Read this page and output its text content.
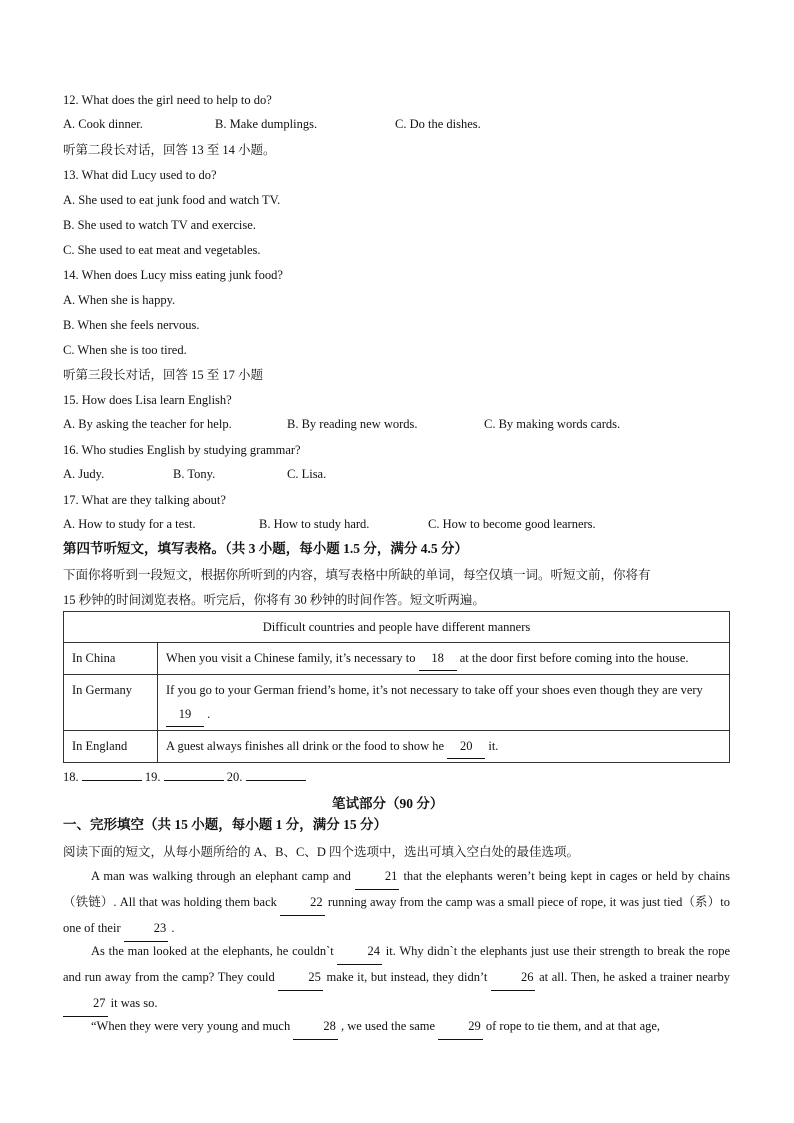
12. What does the girl need to help to do?
A. Cook dinner.	B. Make dumplings.	C. Do the dishes.
听第二段长对话，回答 13 至 14 小题。
13. What did Lucy used to do?
A. She used to eat junk food and watch TV.
B. She used to watch TV and exercise.
C. She used to eat meat and vegetables.
14. When does Lucy miss eating junk food?
A. When she is happy.
B. When she feels nervous.
C. When she is too tired.
听第三段长对话，回答 15 至 17 小题
15. How does Lisa learn English?
A. By asking the teacher for help.	B. By reading new words.	C. By making words cards.
16. Who studies English by studying grammar?
A. Judy.	B. Tony.	C. Lisa.
17. What are they talking about?
A. How to study for a test.	B. How to study hard.	C. How to become good learners.
第四节听短文，填写表格。（共 3 小题，每小题 1.5 分，满分 4.5 分）
下面你将听到一段短文，根据你所听到的内容，填写表格中所缺的单词，每空仅填一词。听短文前，你将有
15 秒钟的时间浏览表格。听完后，你将有 30 秒钟的时间作答。短文听两遍。
Difficult countries and people have different manners	
In China	When you visit a Chinese family, it’s necessary to 18 at the door first before coming into the house.
In Germany	If you go to your German friend’s home, it’s not necessary to take off your shoes even though they are very 19 .
In England	A guest always finishes all drink or the food to show he 20 it.
18.	19.	20.
笔试部分（90 分）
一、完形填空（共 15 小题，每小题 1 分，满分 15 分）
阅读下面的短文，从每小题所给的 A、B、C、D 四个选项中，选出可填入空白处的最佳选项。
A man was walking through an elephant camp and 21 that the elephants weren’t being kept in cages or held by chains（铁链）. All that was holding them back 22 running away from the camp was a small piece of rope, it was just tied（系）to one of their 23 .
As the man looked at the elephants, he couldn`t 24 it. Why didn`t the elephants just use their strength to break the rope and run away from the camp? They could 25 make it, but instead, they didn’t 26 at all. Then, he asked a trainer nearby 27 it was so.
“When they were very young and much 28 , we used the same 29 of rope to tie them, and at that age,
